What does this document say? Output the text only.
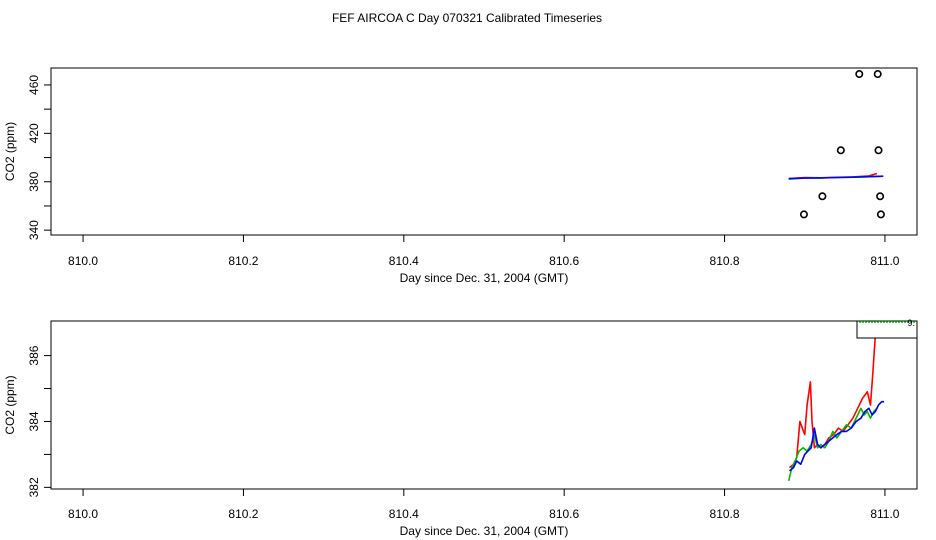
FEF AIRCOA C Day 070321 Calibrated Timeseries
810.0	810.2	810.4	810.6	810.8	811.0
340
380
420
460
Day since Dec. 31, 2004 (GMT)
CO2 (ppm)
810.0	810.2	810.4	810.6	810.8	811.0
382
384
386
Day since Dec. 31, 2004 (GMT)
CO2 (ppm)
9.
